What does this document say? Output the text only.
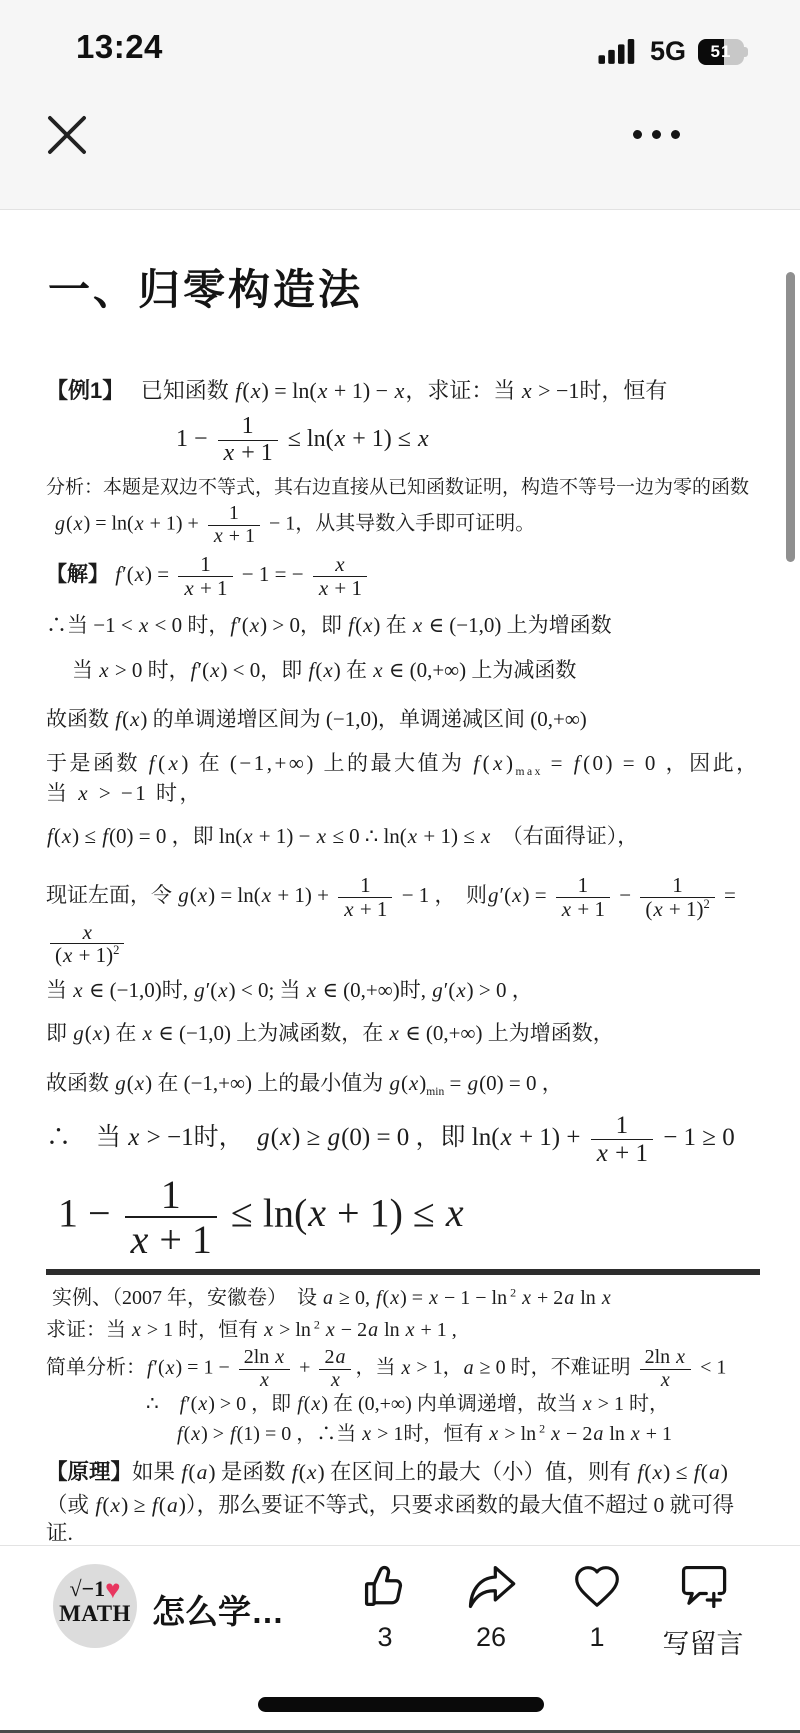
13:24	5G	51
一、归零构造法
【例1】   已知函数 f(x) = ln(x + 1) − x，求证：当 x > −1时，恒有
$1 - \frac{1}{x + 1} \le \ln(x + 1) \le x$
分析：本题是双边不等式，其右边直接从已知函数证明，构造不等号一边为零的函数
$g(x) = \ln(x + 1) + \frac{1}{x + 1} - 1$，从其导数入手即可证明。
【解】 $f'(x) = \frac{1}{x + 1} - 1$ = − $\frac{x}{x + 1}$
∴当 −1 < x < 0 时，f′(x) > 0，即 f(x) 在 x ∈ (−1,0) 上为增函数
当 x > 0 时，f′(x) < 0，即 f(x) 在 x ∈ (0,+∞) 上为减函数
故函数 f(x) 的单调递增区间为 (−1,0)，单调递减区间 (0,+∞)
于是函数 f(x) 在 (−1,+∞) 上的最大值为 $f(x)_{max} = f(0) = 0$ ，因此，当 x > −1 时，
f(x) ≤ f(0) = 0 ，即 ln(x + 1) − x ≤ 0 ∴ ln(x + 1) ≤ x　（右面得证），
现证左面，令 $g(x) = \ln(x + 1) + \frac{1}{x + 1} - 1$ ，　则$g'(x) = \frac{1}{x + 1} - \frac{1}{(x + 1)^2}$ =
$\frac{x}{(x + 1)^2}$
当 x ∈ (−1,0)时, g′(x) < 0; 当 x ∈ (0,+∞)时, g′(x) > 0 ，
即 g(x) 在 x ∈ (−1,0) 上为减函数，在 x ∈ (0,+∞) 上为增函数，
故函数 g(x) 在 (−1,+∞) 上的最小值为 $g(x)_{min} = g(0) = 0$ ，
∴　当 x > −1时，　g(x) ≥ g(0) = 0 ，即 $\ln(x + 1) + \frac{1}{x + 1} - 1 \ge 0$
$1 - \frac{1}{x + 1} \le \ln(x + 1) \le x$
实例、（2007 年，安徽卷）　设 a ≥ 0, f(x) = x − 1 − ln $^2$ x + 2a ln x
求证：当 x > 1 时，恒有 x > ln $^2$ x − 2a ln x + 1 ,
简单分析：$f'(x) = 1 - \frac{\text{2ln x}}{x} + \frac{2a}{x}$ ，当 x > 1，a ≥ 0 时，不难证明 $\frac{\text{2ln x}}{x} < 1$
∴　f′(x) > 0 ，即 f(x) 在 (0,+∞) 内单调递增，故当 x > 1 时，
f(x) > f(1) = 0 ，∴当 x > 1时，恒有 x > ln $^2$ x − 2a ln x + 1
【原理】如果 f(a) 是函数 f(x) 在区间上的最大（小）值，则有 f(x) ≤ f(a)
（或 f(x) ≥ f(a)），那么要证不等式，只要求函数的最大值不超过 0 就可得证.
√−1♥
MATH 怎么学…
3	26	1	写留言
